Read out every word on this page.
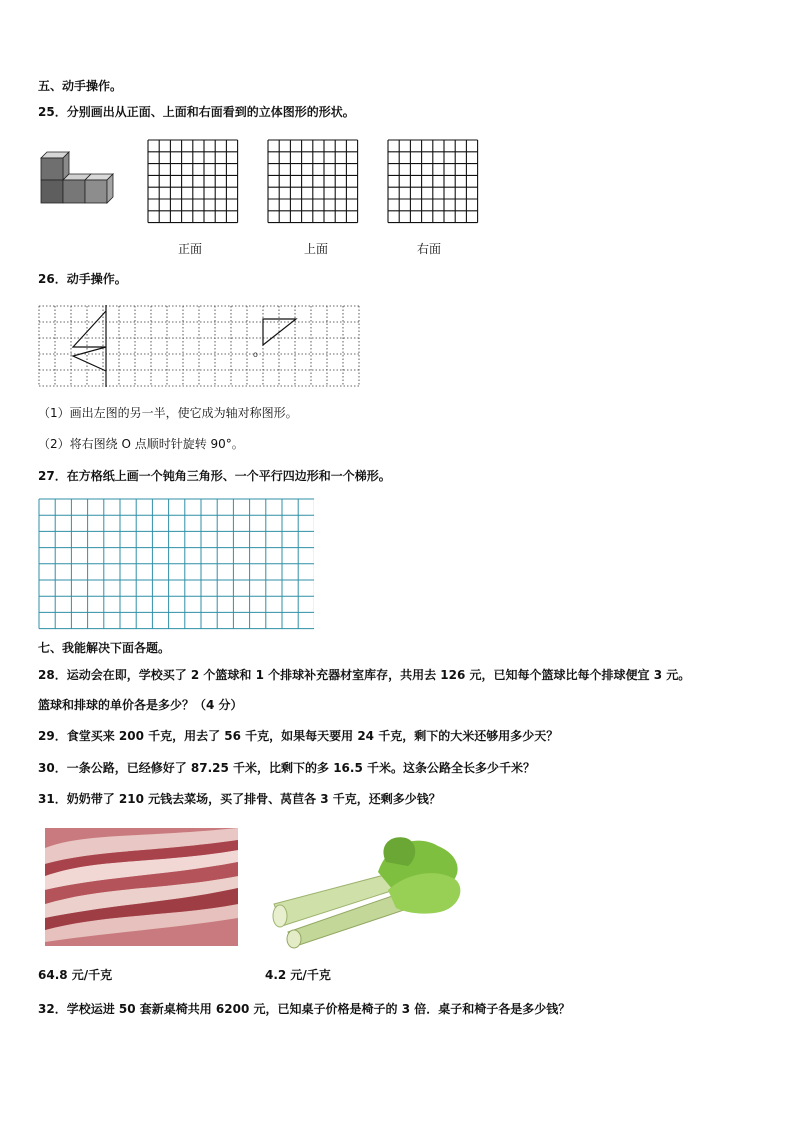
五、动手操作。
25．分别画出从正面、上面和右面看到的立体图形的形状。
正面	上面	右面
26．动手操作。
o
（1）画出左图的另一半，使它成为轴对称图形。
（2）将右图绕 O 点顺时针旋转 90°。
27．在方格纸上画一个钝角三角形、一个平行四边形和一个梯形。
七、我能解决下面各题。
28．运动会在即，学校买了 2 个篮球和 1 个排球补充器材室库存，共用去 126 元，已知每个篮球比每个排球便宜 3 元。
篮球和排球的单价各是多少？（4 分）
29．食堂买来 200 千克，用去了 56 千克，如果每天要用 24 千克，剩下的大米还够用多少天？
30．一条公路，已经修好了 87.25 千米，比剩下的多 16.5 千米。这条公路全长多少千米？
31．奶奶带了 210 元钱去菜场，买了排骨、莴苣各 3 千克，还剩多少钱？
64.8 元/千克	4.2 元/千克
32．学校运进 50 套新桌椅共用 6200 元，已知桌子价格是椅子的 3 倍．桌子和椅子各是多少钱？
